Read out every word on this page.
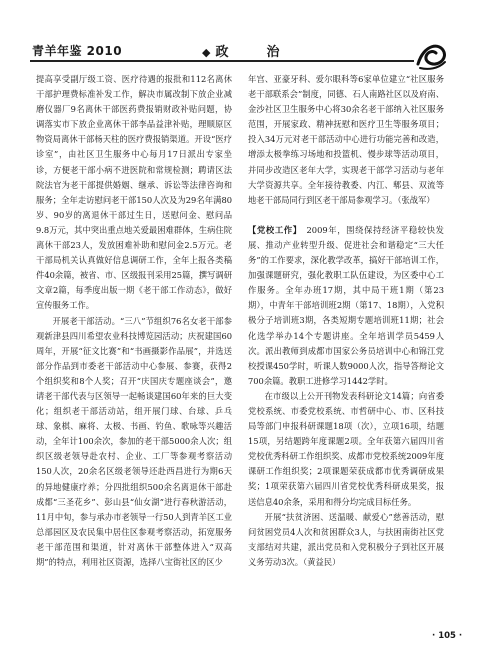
青羊年鉴 2010	◆ 政	治

提高享受副厅级工资、医疗待遇的报批和112名离休干部护理费标准补发工作，解决市属改制下放企业减磨仪器厂9名离休干部医药费报销财政补贴问题，协调落实市下放企业离休干部李品益津补贴，理顺原区物资局离休干部杨天柱的医疗费报销渠道。开设“医疗诊室”，由社区卫生服务中心每月17日派出专家坐诊，方便老干部小病不进医院和常规检测；聘请区法院法官为老干部提供婚姻、继承、诉讼等法律咨询和服务；全年走访慰问老干部150人次及为29名年满80岁、90岁的离退休干部过生日，送慰问金、慰问品9.8万元，其中突出重点地关爱最困难群体，生病住院离休干部23人，发放困难补助和慰问金2.5万元。老干部局机关认真做好信息调研工作，全年上报各类稿件40余篇，被省、市、区级报刊采用25篇，撰写调研文章2篇，每季度出版一期《老干部工作动态》，做好宣传服务工作。

开展老干部活动。“三八”节组织76名女老干部参观新津县四川希望农业科技博览园活动；庆祝建国60周年，开展“征文比赛”和“书画摄影作品展”，并选送部分作品到市委老干部活动中心参展、参赛，获得2个组织奖和8个人奖；召开“庆国庆专题座谈会”，邀请老干部代表与区领导一起畅谈建国60年来的巨大变化；组织老干部活动站，组开展门球、台球、乒乓球、象棋、麻将、太极、书画、钓鱼、歌咏等兴趣活动，全年计100余次，参加的老干部5000余人次；组织区级老领导赴农村、企业、工厂等参观考察活动150人次，20余名区级老领导还赴西昌进行为期6天的异地健康疗养；分四批组织500余名离退休干部赴成都“三圣花乡”、彭山县“仙女湖”进行春秋游活动，11月中旬，参与承办市老领导一行50人到青羊区工业总部园区及农民集中居住区参观考察活动，拓宽服务老干部范围和渠道，针对离休干部整体进入“双高期”的特点，利用社区资源，选择八宝街社区的区少

年宫、亚豪牙科、爱尔眼科等6家单位建立“社区服务老干部联系会”制度，同德、石人南路社区以及府南、金沙社区卫生服务中心将30余名老干部纳入社区服务范围，开展家政、精神抚慰和医疗卫生等服务项目；投入34万元对老干部活动中心进行功能完善和改造，增添太极拳练习场地和投篮机、慢步球等活动项目，并同步改造区老年大学，实现老干部学习活动与老年大学资源共享。全年接待教委、内江、郫县、双流等地老干部局同行到区老干部局参观学习。（张战军）

【党校工作】　 2009年，围绕保持经济平稳较快发展、推动产业转型升级、促进社会和谐稳定“三大任务”的工作要求，深化教学改革，搞好干部培训工作，加强课题研究，强化教职工队伍建设，为区委中心工作服务。全年办班17期，其中局干班1期（第23期），中青年干部培训班2期（第17、18期），入党积极分子培训班3期，各类短期专题培训班11期；社会化选学举办14个专题讲座。全年培训学员5459人次。派出教师到成都市国家公务员培训中心和锦江党校授课450学时，听课人数9000人次，指导答辩论文700余篇。教职工进修学习1442学时。

在市级以上公开刊物发表科研论文14篇；向省委党校系统、市委党校系统、市哲研中心、市、区科技局等部门申报科研课题18项（次），立项16项，结题15项，另结题跨年度课题2项。全年获第六届四川省党校优秀科研工作组织奖、成都市党校系统2009年度课研工作组织奖；2项课题荣获成都市优秀调研成果奖；1项荣获第六届四川省党校优秀科研成果奖，报送信息40余条，采用和得分均完成目标任务。

开展“扶贫济困、送温暖、献爱心”慈善活动，慰问贫困党员4人次和贫困群众3人，与扶困南街社区党支部结对共建，派出党员和入党积极分子到社区开展义务劳动3次。（黄益民）

· 105 ·
